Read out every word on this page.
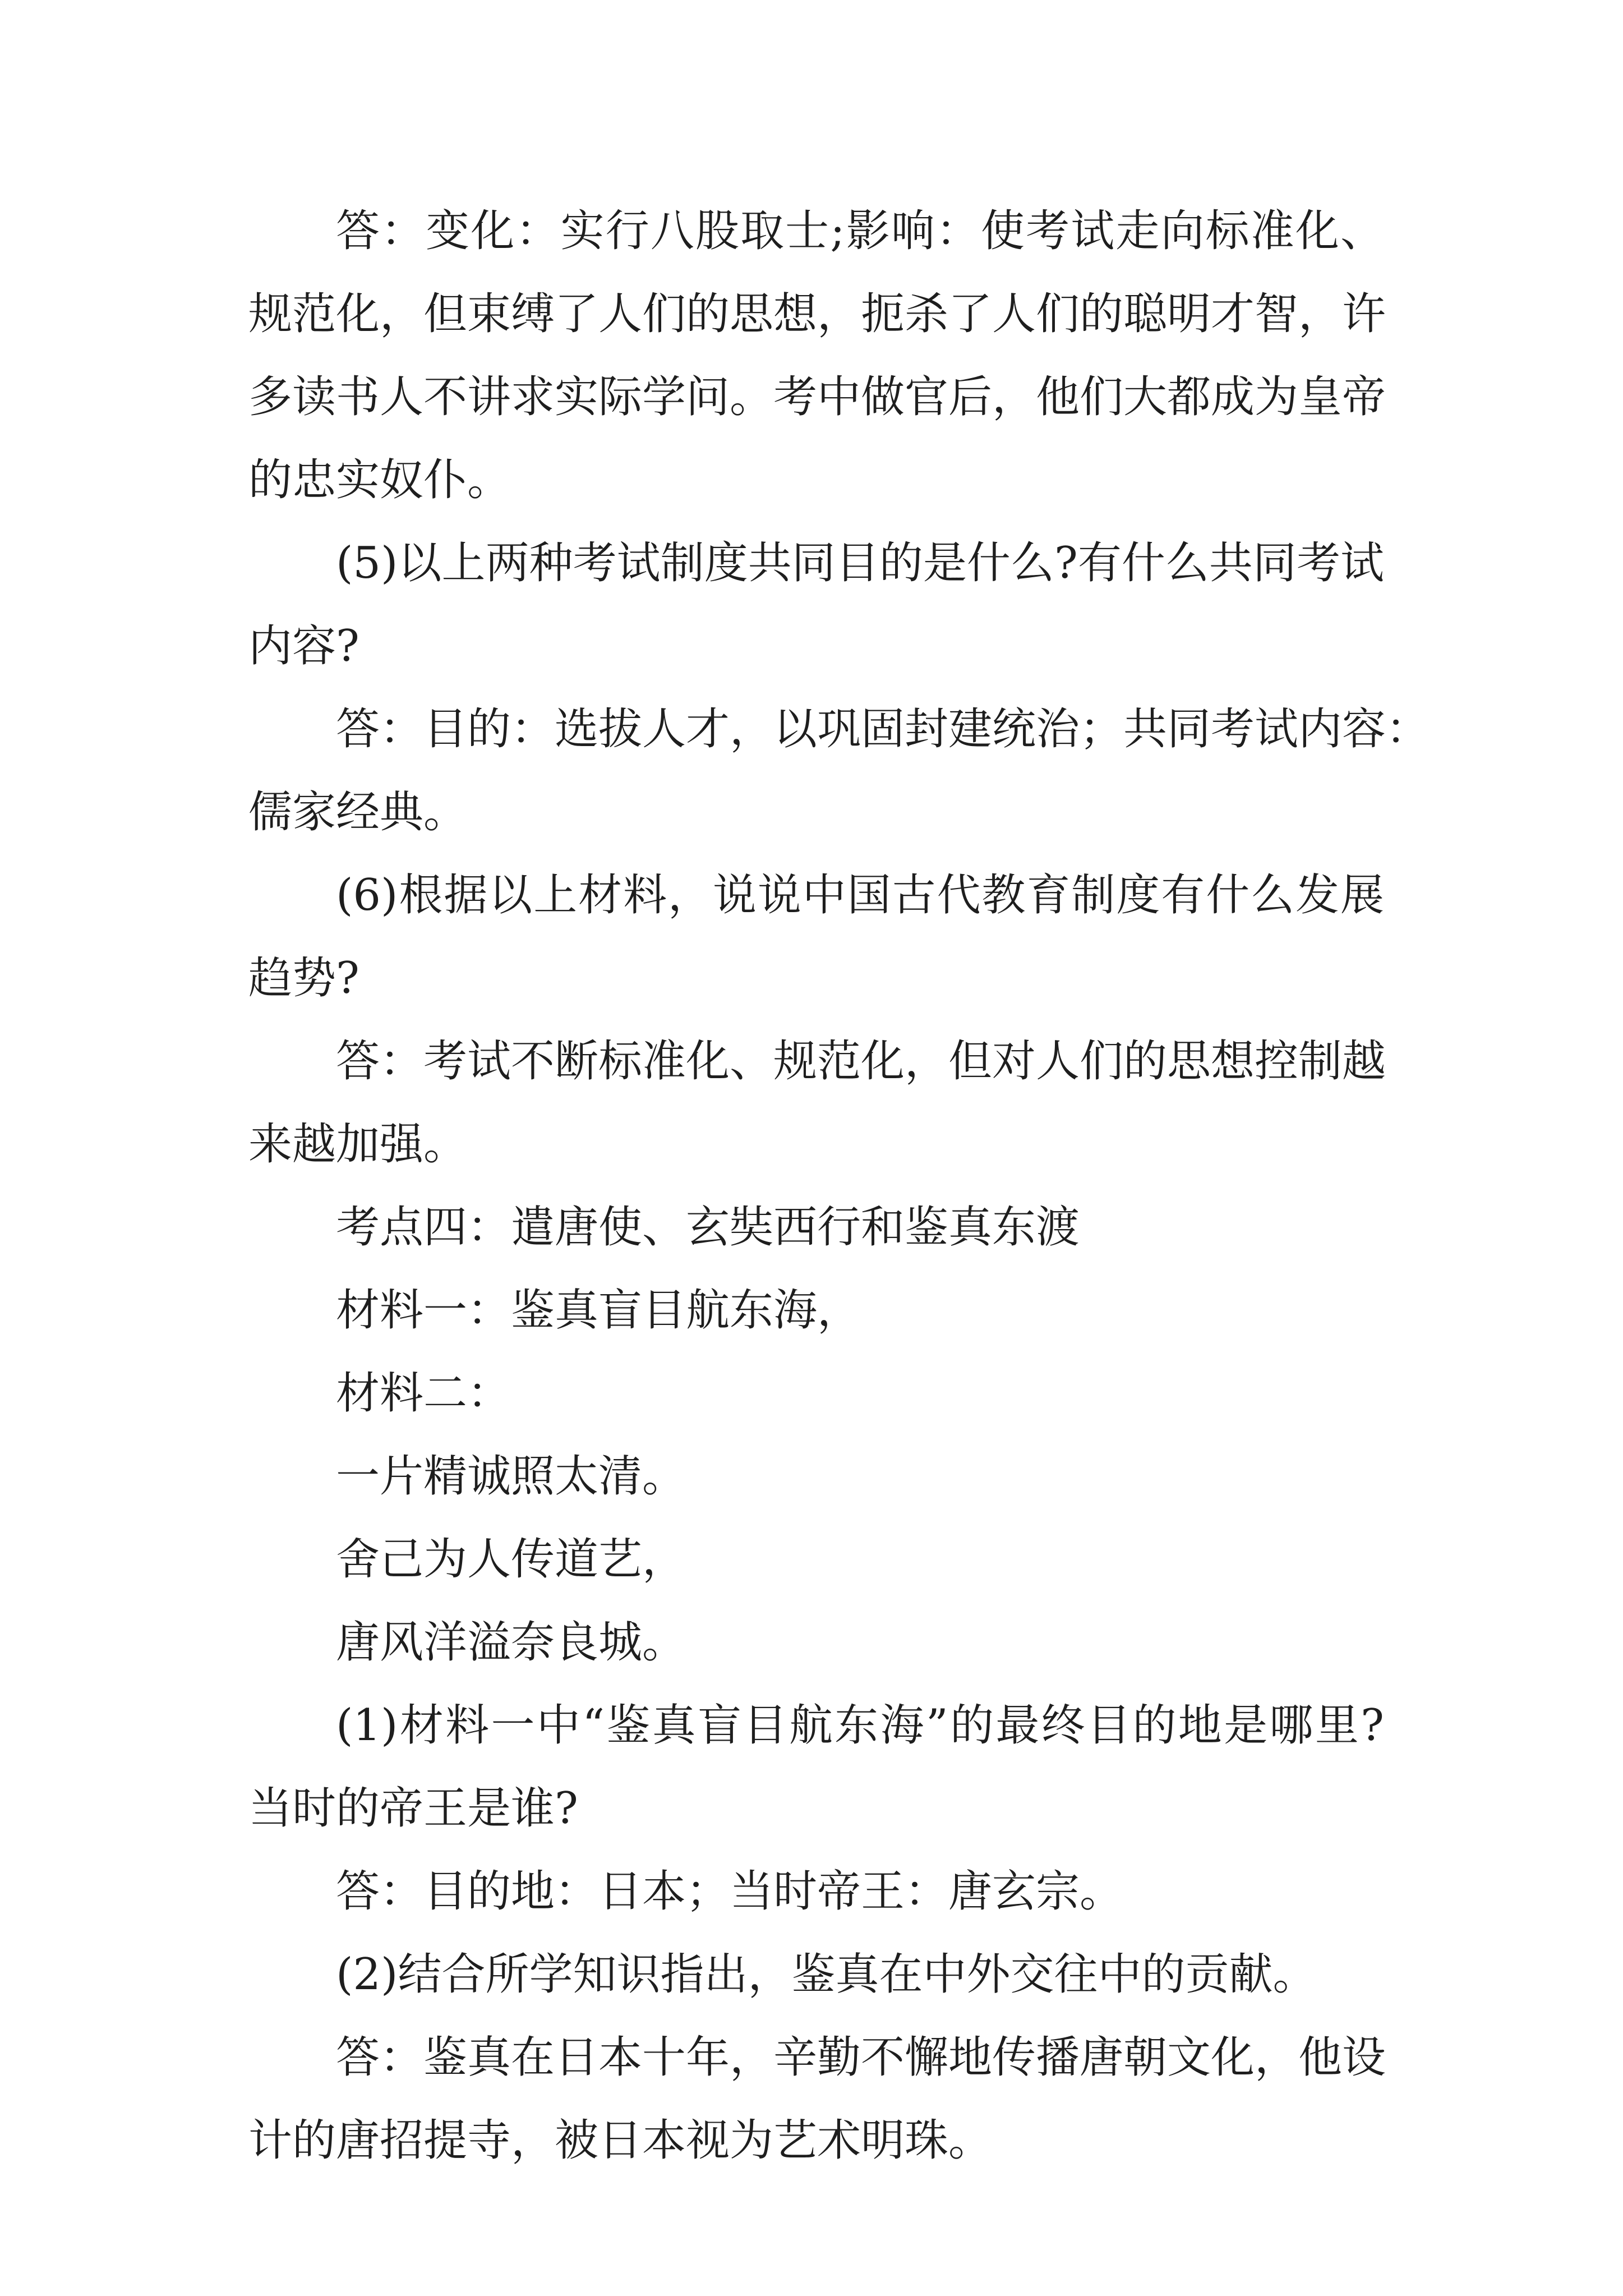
答：变化：实行八股取士;影响：使考试走向标准化、
规范化，但束缚了人们的思想，扼杀了人们的聪明才智，许
多读书人不讲求实际学问。考中做官后，他们大都成为皇帝
的忠实奴仆。
(5)以上两种考试制度共同目的是什么?有什么共同考试
内容?
答：目的：选拔人才，以巩固封建统治；共同考试内容：
儒家经典。
(6)根据以上材料，说说中国古代教育制度有什么发展
趋势?
答：考试不断标准化、规范化，但对人们的思想控制越
来越加强。
考点四：遣唐使、玄奘西行和鉴真东渡
材料一：鉴真盲目航东海，
材料二：
一片精诚照太清。
舍己为人传道艺，
唐风洋溢奈良城。
(1)材料一中“鉴真盲目航东海”的最终目的地是哪里?
当时的帝王是谁?
答：目的地：日本；当时帝王：唐玄宗。
(2)结合所学知识指出，鉴真在中外交往中的贡献。
答：鉴真在日本十年，辛勤不懈地传播唐朝文化，他设
计的唐招提寺，被日本视为艺术明珠。
